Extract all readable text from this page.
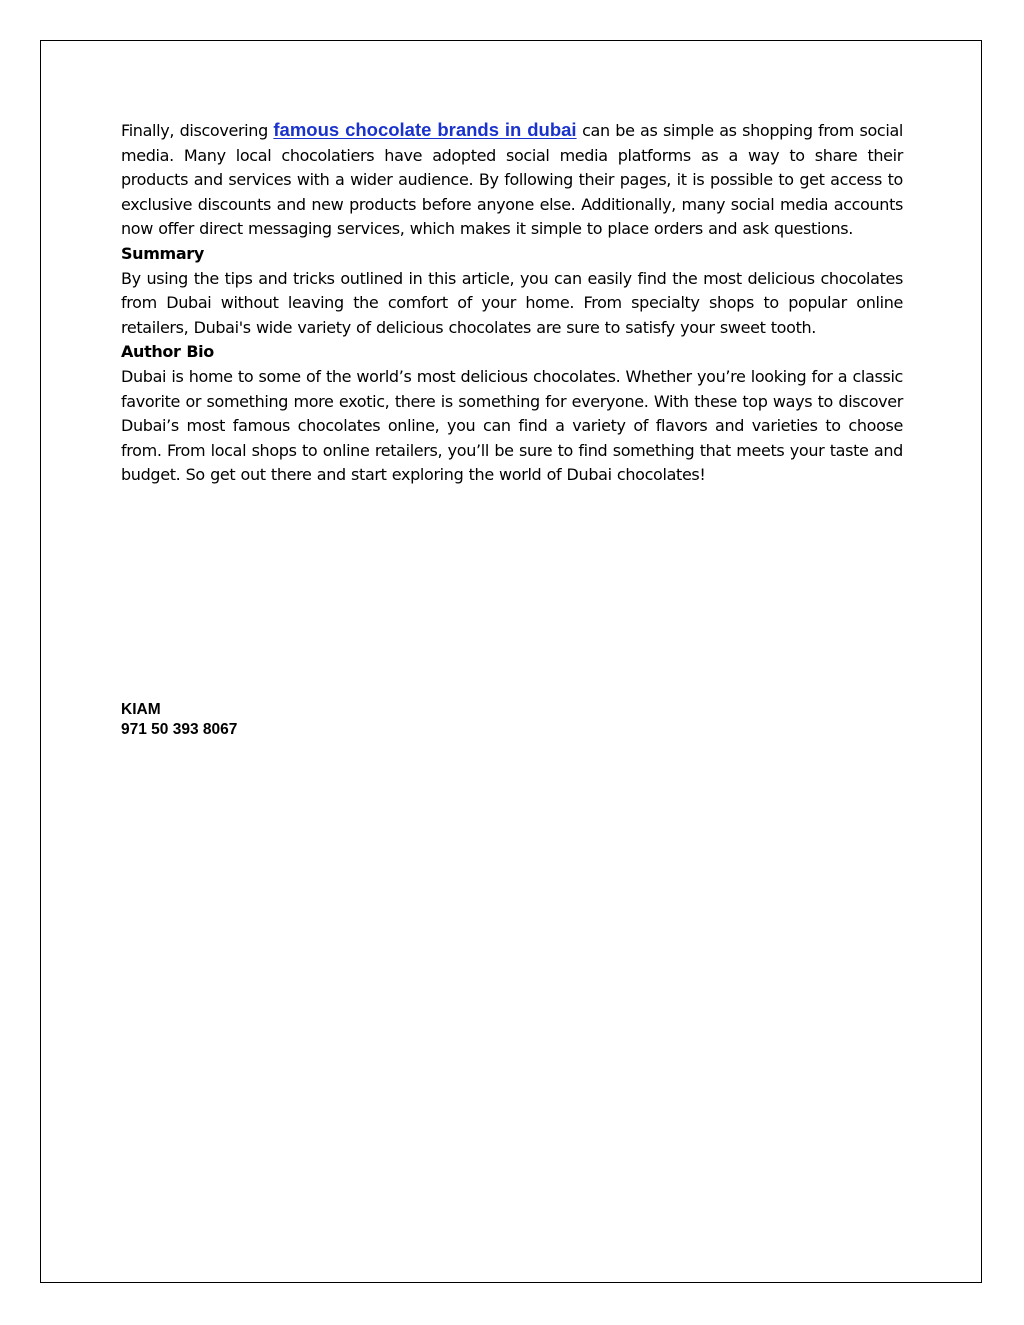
Finally, discovering famous chocolate brands in dubai can be as simple as shopping from social media. Many local chocolatiers have adopted social media platforms as a way to share their products and services with a wider audience. By following their pages, it is possible to get access to exclusive discounts and new products before anyone else. Additionally, many social media accounts now offer direct messaging services, which makes it simple to place orders and ask questions.

Summary

By using the tips and tricks outlined in this article, you can easily find the most delicious chocolates from Dubai without leaving the comfort of your home. From specialty shops to popular online retailers, Dubai's wide variety of delicious chocolates are sure to satisfy your sweet tooth.

Author Bio

Dubai is home to some of the world’s most delicious chocolates. Whether you’re looking for a classic favorite or something more exotic, there is something for everyone. With these top ways to discover Dubai’s most famous chocolates online, you can find a variety of flavors and varieties to choose from. From local shops to online retailers, you’ll be sure to find something that meets your taste and budget. So get out there and start exploring the world of Dubai chocolates!

KIAM
971 50 393 8067
